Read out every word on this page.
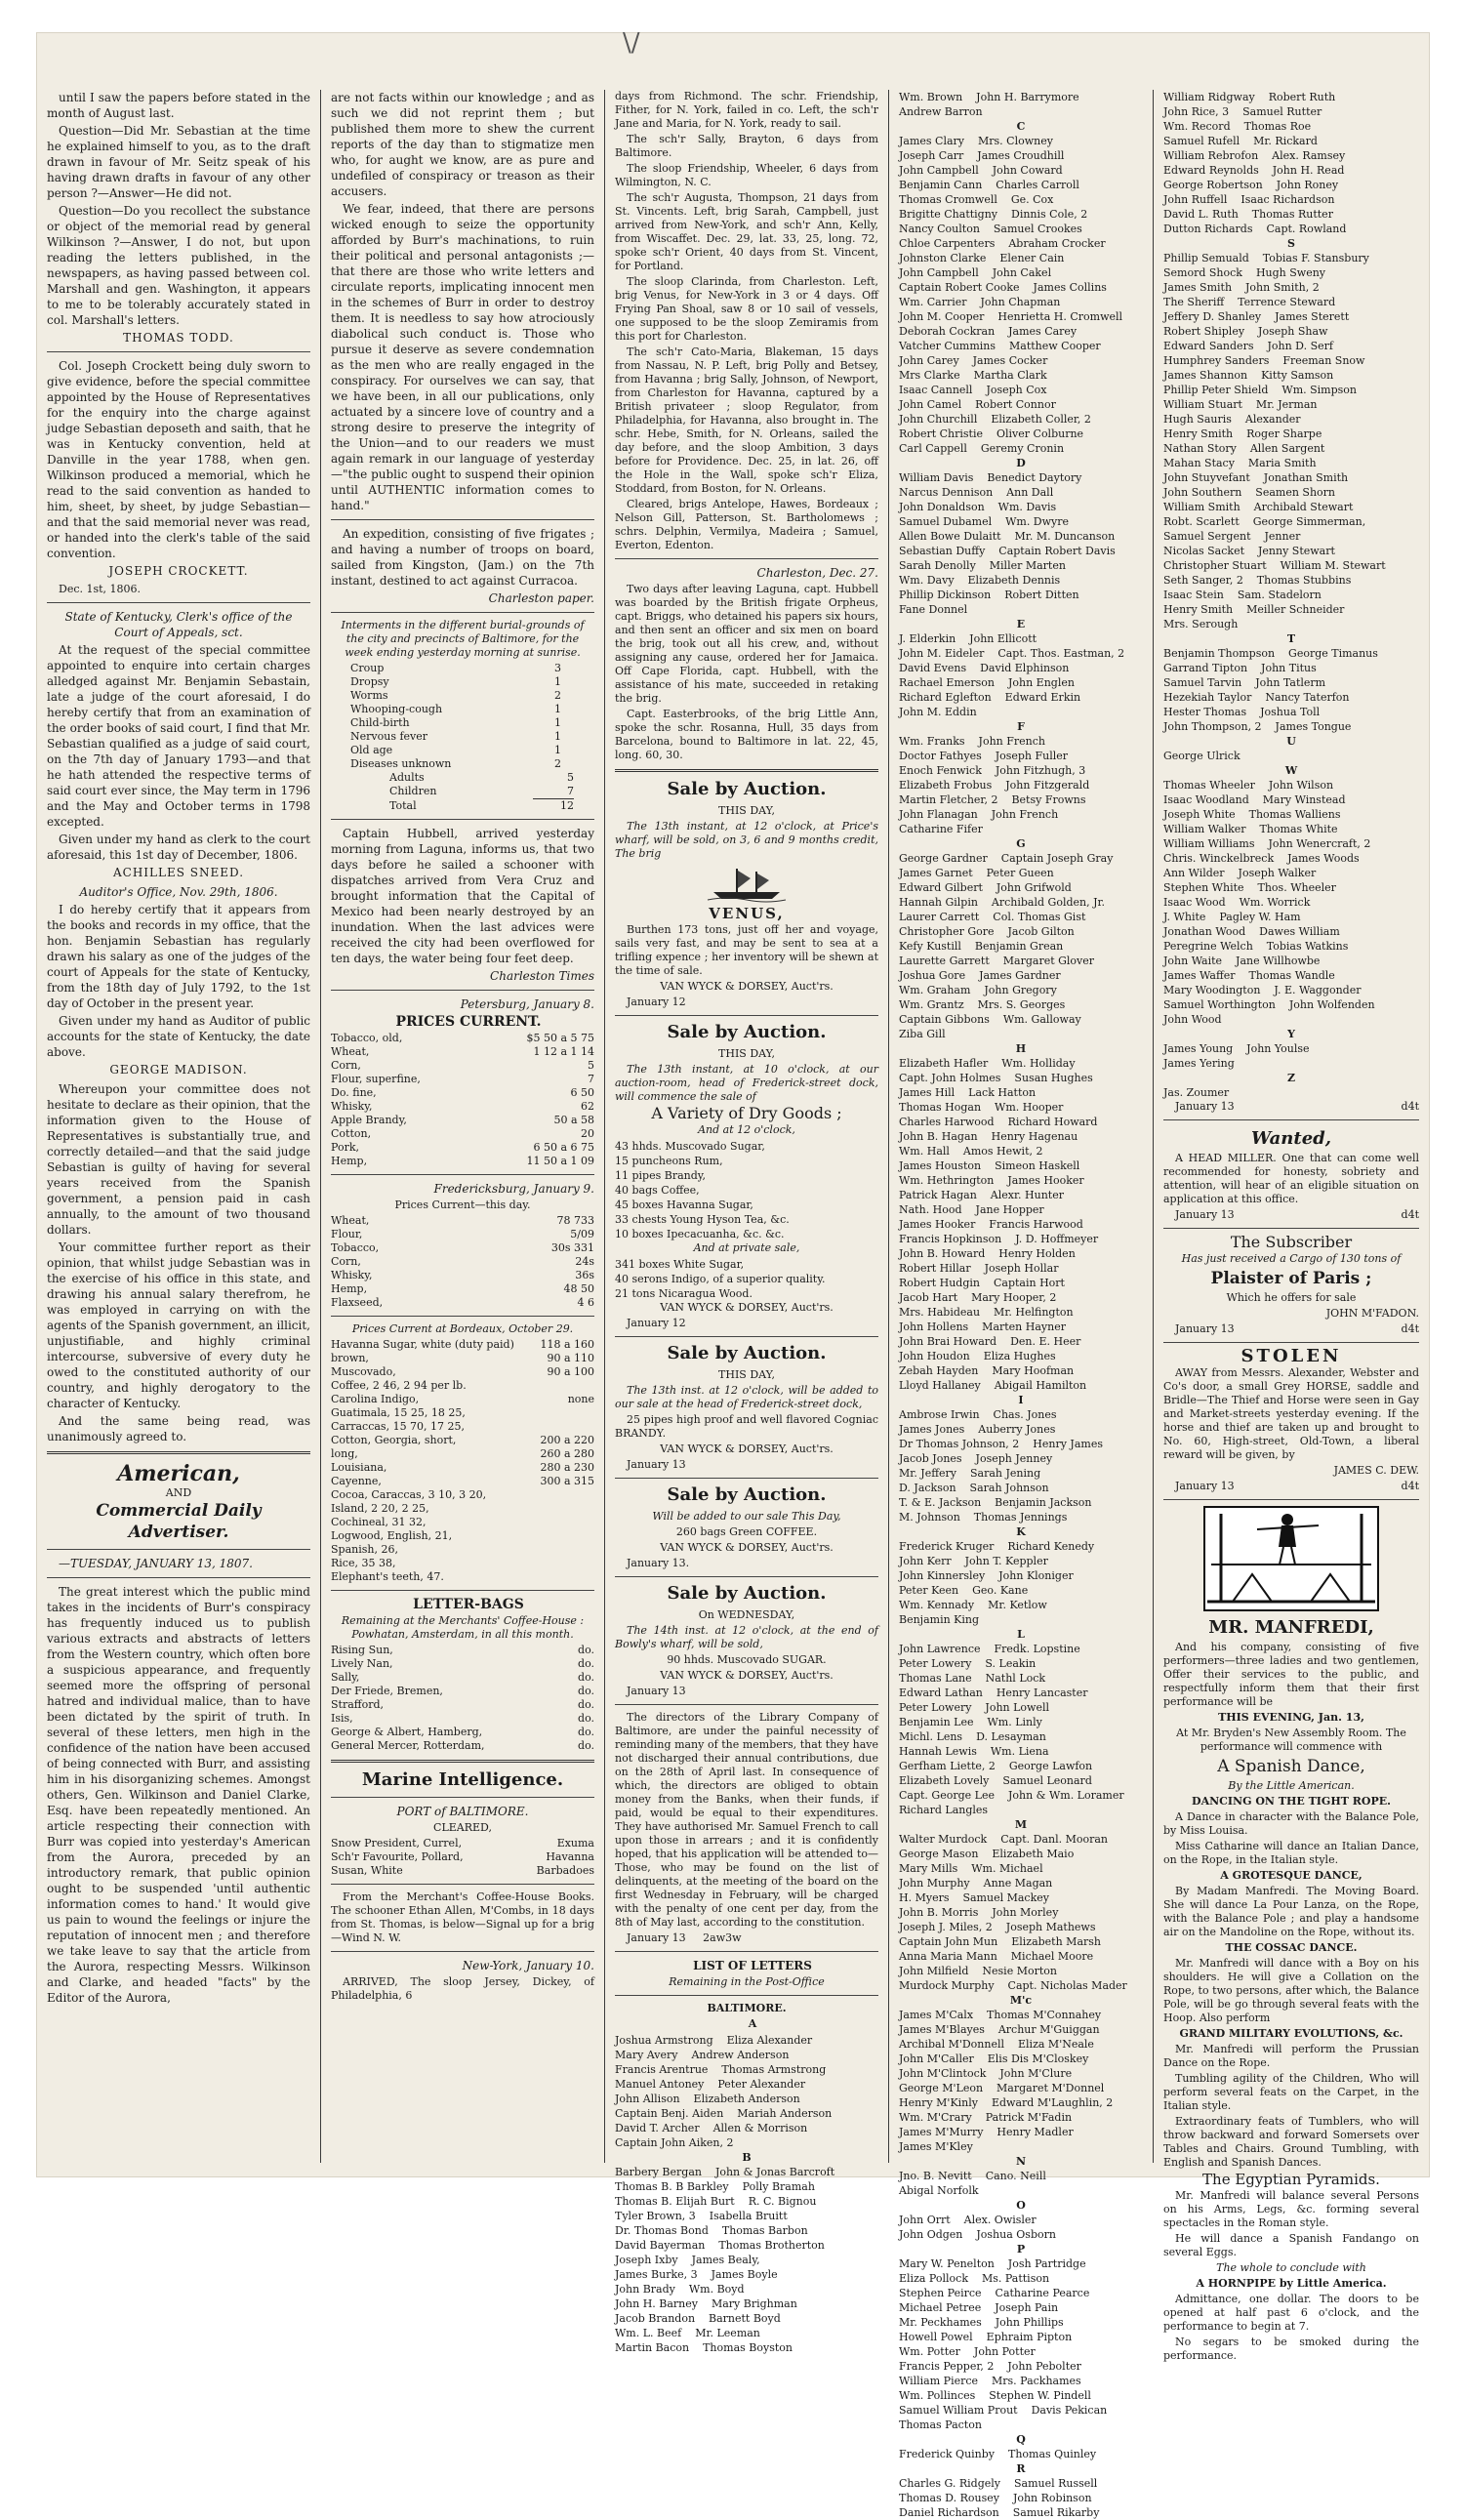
\/

until I saw the papers before stated in the month of August last.

Question—Did Mr. Sebastian at the time he explained himself to you, as to the draft drawn in favour of Mr. Seitz speak of his having drawn drafts in favour of any other person ?—Answer—He did not.

Question—Do you recollect the substance or object of the memorial read by general Wilkinson ?—Answer, I do not, but upon reading the letters published, in the newspapers, as having passed between col. Marshall and gen. Washington, it appears to me to be tolerably accurately stated in col. Marshall's letters.

THOMAS TODD.

Col. Joseph Crockett being duly sworn to give evidence, before the special committee appointed by the House of Representatives for the enquiry into the charge against judge Sebastian deposeth and saith, that he was in Kentucky convention, held at Danville in the year 1788, when gen. Wilkinson produced a memorial, which he read to the said convention as handed to him, sheet, by sheet, by judge Sebastian—and that the said memorial never was read, or handed into the clerk's table of the said convention.

JOSEPH CROCKETT.

Dec. 1st, 1806.

State of Kentucky, Clerk's office of the Court of Appeals, sct.

At the request of the special committee appointed to enquire into certain charges alledged against Mr. Benjamin Sebastain, late a judge of the court aforesaid, I do hereby certify that from an examination of the order books of said court, I find that Mr. Sebastian qualified as a judge of said court, on the 7th day of January 1793—and that he hath attended the respective terms of said court ever since, the May term in 1796 and the May and October terms in 1798 excepted.

Given under my hand as clerk to the court aforesaid, this 1st day of December, 1806.

ACHILLES SNEED.

Auditor's Office, Nov. 29th, 1806.

I do hereby certify that it appears from the books and records in my office, that the hon. Benjamin Sebastian has regularly drawn his salary as one of the judges of the court of Appeals for the state of Kentucky, from the 18th day of July 1792, to the 1st day of October in the present year.

Given under my hand as Auditor of public accounts for the state of Kentucky, the date above.

GEORGE MADISON.

Whereupon your committee does not hesitate to declare as their opinion, that the information given to the House of Representatives is substantially true, and correctly detailed—and that the said judge Sebastian is guilty of having for several years received from the Spanish government, a pension paid in cash annually, to the amount of two thousand dollars.

Your committee further report as their opinion, that whilst judge Sebastian was in the exercise of his office in this state, and drawing his annual salary therefrom, he was employed in carrying on with the agents of the Spanish government, an illicit, unjustifiable, and highly criminal intercourse, subversive of every duty he owed to the constituted authority of our country, and highly derogatory to the character of Kentucky.

And the same being read, was unanimously agreed to.

American,
AND
Commercial Daily Advertiser.

—TUESDAY, JANUARY 13, 1807.

The great interest which the public mind takes in the incidents of Burr's conspiracy has frequently induced us to publish various extracts and abstracts of letters from the Western country, which often bore a suspicious appearance, and frequently seemed more the offspring of personal hatred and individual malice, than to have been dictated by the spirit of truth. In several of these letters, men high in the confidence of the nation have been accused of being connected with Burr, and assisting him in his disorganizing schemes. Amongst others, Gen. Wilkinson and Daniel Clarke, Esq. have been repeatedly mentioned. An article respecting their connection with Burr was copied into yesterday's American from the Aurora, preceded by an introductory remark, that public opinion ought to be suspended 'until authentic information comes to hand.' It would give us pain to wound the feelings or injure the reputation of innocent men ; and therefore we take leave to say that the article from the Aurora, respecting Messrs. Wilkinson and Clarke, and headed "facts" by the Editor of the Aurora,

are not facts within our knowledge ; and as such we did not reprint them ; but published them more to shew the current reports of the day than to stigmatize men who, for aught we know, are as pure and undefiled of conspiracy or treason as their accusers.

We fear, indeed, that there are persons wicked enough to seize the opportunity afforded by Burr's machinations, to ruin their political and personal antagonists ;—that there are those who write letters and circulate reports, implicating innocent men in the schemes of Burr in order to destroy them. It is needless to say how atrociously diabolical such conduct is. Those who pursue it deserve as severe condemnation as the men who are really engaged in the conspiracy. For ourselves we can say, that we have been, in all our publications, only actuated by a sincere love of country and a strong desire to preserve the integrity of the Union—and to our readers we must again remark in our language of yesterday—"the public ought to suspend their opinion until AUTHENTIC information comes to hand."

An expedition, consisting of five frigates ; and having a number of troops on board, sailed from Kingston, (Jam.) on the 7th instant, destined to act against Curracoa.

Charleston paper.

Interments in the different burial-grounds of the city and precincts of Baltimore, for the week ending yesterday morning at sunrise.

Croup	3
Dropsy	1
Worms	2
Whooping-cough	1
Child-birth	1
Nervous fever	1
Old age	1
Diseases unknown	2
Adults	5
Children	7
Total	12

Captain Hubbell, arrived yesterday morning from Laguna, informs us, that two days before he sailed a schooner with dispatches arrived from Vera Cruz and brought information that the Capital of Mexico had been nearly destroyed by an inundation. When the last advices were received the city had been overflowed for ten days, the water being four feet deep.

Charleston Times

Petersburg, January 8.

PRICES CURRENT.

Tobacco, old,	$5 50 a 5 75
Wheat,	1 12 a 1 14
Corn,	5
Flour, superfine,	7
Do. fine,	6 50
Whisky,	62
Apple Brandy,	50 a 58
Cotton,	20
Pork,	6 50 a 6 75
Hemp,	11 50 a 1 09

Fredericksburg, January 9.

Prices Current—this day.

Wheat,	78 733
Flour,	5/09
Tobacco,	30s 331
Corn,	24s
Whisky,	36s
Hemp,	48 50
Flaxseed,	4 6

Prices Current at Bordeaux, October 29.

Havanna Sugar, white (duty paid)	118 a 160
brown,	90 a 110
Muscovado,	90 a 100
Coffee, 2 46, 2 94 per lb.	
Carolina Indigo,	none
Guatimala, 15 25, 18 25,	
Carraccas, 15 70, 17 25,	
Cotton, Georgia, short,	200 a 220
long,	260 a 280
Louisiana,	280 a 230
Cayenne,	300 a 315
Cocoa, Caraccas, 3 10, 3 20,	
Island, 2 20, 2 25,	
Cochineal, 31 32,	
Logwood, English, 21,	
Spanish, 26,	
Rice, 35 38,	
Elephant's teeth, 47.	

LETTER-BAGS

Remaining at the Merchants' Coffee-House : Powhatan, Amsterdam, in all this month.

Rising Sun,	do.
Lively Nan,	do.
Sally,	do.
Der Friede, Bremen,	do.
Strafford,	do.
Isis,	do.
George & Albert, Hamberg,	do.
General Mercer, Rotterdam,	do.
Marine Intelligence.

PORT of BALTIMORE.

CLEARED,

Snow President, Currel,	Exuma
Sch'r Favourite, Pollard,	Havanna
Susan, White	Barbadoes

From the Merchant's Coffee-House Books. The schooner Ethan Allen, M'Combs, in 18 days from St. Thomas, is below—Signal up for a brig—Wind N. W.

New-York, January 10.

ARRIVED, The sloop Jersey, Dickey, of Philadelphia, 6

days from Richmond. The schr. Friendship, Fither, for N. York, failed in co. Left, the sch'r Jane and Maria, for N. York, ready to sail.

The sch'r Sally, Brayton, 6 days from Baltimore.

The sloop Friendship, Wheeler, 6 days from Wilmington, N. C.

The sch'r Augusta, Thompson, 21 days from St. Vincents. Left, brig Sarah, Campbell, just arrived from New-York, and sch'r Ann, Kelly, from Wiscaffet. Dec. 29, lat. 33, 25, long. 72, spoke sch'r Orient, 40 days from St. Vincent, for Portland.

The sloop Clarinda, from Charleston. Left, brig Venus, for New-York in 3 or 4 days. Off Frying Pan Shoal, saw 8 or 10 sail of vessels, one supposed to be the sloop Zemiramis from this port for Charleston.

The sch'r Cato-Maria, Blakeman, 15 days from Nassau, N. P. Left, brig Polly and Betsey, from Havanna ; brig Sally, Johnson, of Newport, from Charleston for Havanna, captured by a British privateer ; sloop Regulator, from Philadelphia, for Havanna, also brought in. The schr. Hebe, Smith, for N. Orleans, sailed the day before, and the sloop Ambition, 3 days before for Providence. Dec. 25, in lat. 26, off the Hole in the Wall, spoke sch'r Eliza, Stoddard, from Boston, for N. Orleans.

Cleared, brigs Antelope, Hawes, Bordeaux ; Nelson Gill, Patterson, St. Bartholomews ; schrs. Delphin, Vermilya, Madeira ; Samuel, Everton, Edenton.

Charleston, Dec. 27.

Two days after leaving Laguna, capt. Hubbell was boarded by the British frigate Orpheus, capt. Briggs, who detained his papers six hours, and then sent an officer and six men on board the brig, took out all his crew, and, without assigning any cause, ordered her for Jamaica. Off Cape Florida, capt. Hubbell, with the assistance of his mate, succeeded in retaking the brig.

Capt. Easterbrooks, of the brig Little Ann, spoke the schr. Rosanna, Hull, 35 days from Barcelona, bound to Baltimore in lat. 22, 45, long. 60, 30.

Sale by Auction.

THIS DAY,

The 13th instant, at 12 o'clock, at Price's wharf, will be sold, on 3, 6 and 9 months credit, The brig

VENUS,

Burthen 173 tons, just off her and voyage, sails very fast, and may be sent to sea at a trifling expence ; her inventory will be shewn at the time of sale.

VAN WYCK & DORSEY, Auct'rs.

January 12

Sale by Auction.

THIS DAY,

The 13th instant, at 10 o'clock, at our auction-room, head of Frederick-street dock, will commence the sale of

A Variety of Dry Goods ;

And at 12 o'clock,

43 hhds. Muscovado Sugar,
15 puncheons Rum,
11 pipes Brandy,
40 bags Coffee,
45 boxes Havanna Sugar,
33 chests Young Hyson Tea, &c.
10 boxes Ipecacuanha, &c. &c.

And at private sale,

341 boxes White Sugar,
40 serons Indigo, of a superior quality.
21 tons Nicaragua Wood.

VAN WYCK & DORSEY, Auct'rs.

January 12

Sale by Auction.

THIS DAY,

The 13th inst. at 12 o'clock, will be added to our sale at the head of Frederick-street dock,

25 pipes high proof and well flavored Cogniac BRANDY.

VAN WYCK & DORSEY, Auct'rs.

January 13

Sale by Auction.

Will be added to our sale This Day,

260 bags Green COFFEE.

VAN WYCK & DORSEY, Auct'rs.

January 13.

Sale by Auction.

On WEDNESDAY,

The 14th inst. at 12 o'clock, at the end of Bowly's wharf, will be sold,

90 hhds. Muscovado SUGAR.

VAN WYCK & DORSEY, Auct'rs.

January 13

The directors of the Library Company of Baltimore, are under the painful necessity of reminding many of the members, that they have not discharged their annual contributions, due on the 28th of April last. In consequence of which, the directors are obliged to obtain money from the Banks, when their funds, if paid, would be equal to their expenditures. They have authorised Mr. Samuel French to call upon those in arrears ; and it is confidently hoped, that his application will be attended to—Those, who may be found on the list of delinquents, at the meeting of the board on the first Wednesday in February, will be charged with the penalty of one cent per day, from the 8th of May last, according to the constitution.

January 13 2aw3w

LIST OF LETTERS

Remaining in the Post-Office

BALTIMORE.

A

Joshua Armstrong    Eliza Alexander
Mary Avery    Andrew Anderson
Francis Arentrue    Thomas Armstrong
Manuel Antoney    Peter Alexander
John Allison    Elizabeth Anderson
Captain Benj. Aiden    Mariah Anderson
David T. Archer    Allen & Morrison
Captain John Aiken, 2
B
Barbery Bergan    John & Jonas Barcroft
Thomas B. B Barkley    Polly Bramah
Thomas B. Elijah Burt    R. C. Bignou
Tyler Brown, 3    Isabella Bruitt
Dr. Thomas Bond    Thomas Barbon
David Bayerman    Thomas Brotherton
Joseph Ixby    James Bealy,
James Burke, 3    James Boyle
John Brady    Wm. Boyd
John H. Barney    Mary Brighman
Jacob Brandon    Barnett Boyd
Wm. L. Beef    Mr. Leeman
Martin Bacon    Thomas Boyston
Wm. Brown    John H. Barrymore
Andrew Barron
C
James Clary    Mrs. Clowney
Joseph Carr    James Croudhill
John Campbell    John Coward
Benjamin Cann    Charles Carroll
Thomas Cromwell    Ge. Cox
Brigitte Chattigny    Dinnis Cole, 2
Nancy Coulton    Samuel Crookes
Chloe Carpenters    Abraham Crocker
Johnston Clarke    Elener Cain
John Campbell    John Cakel
Captain Robert Cooke    James Collins
Wm. Carrier    John Chapman
John M. Cooper    Henrietta H. Cromwell
Deborah Cockran    James Carey
Vatcher Cummins    Matthew Cooper
John Carey    James Cocker
Mrs Clarke    Martha Clark
Isaac Cannell    Joseph Cox
John Camel    Robert Connor
John Churchill    Elizabeth Coller, 2
Robert Christie    Oliver Colburne
Carl Cappell    Geremy Cronin
D
William Davis    Benedict Daytory
Narcus Dennison    Ann Dall
John Donaldson    Wm. Davis
Samuel Dubamel    Wm. Dwyre
Allen Bowe Dulaitt    Mr. M. Duncanson
Sebastian Duffy    Captain Robert Davis
Sarah Denolly    Miller Marten
Wm. Davy    Elizabeth Dennis
Phillip Dickinson    Robert Ditten
Fane Donnel
E
J. Elderkin    John Ellicott
John M. Eideler    Capt. Thos. Eastman, 2
David Evens    David Elphinson
Rachael Emerson    John Englen
Richard Eglefton    Edward Erkin
John M. Eddin
F
Wm. Franks    John French
Doctor Fathyes    Joseph Fuller
Enoch Fenwick    John Fitzhugh, 3
Elizabeth Frobus    John Fitzgerald
Martin Fletcher, 2    Betsy Frowns
John Flanagan    John French
Catharine Fifer
G
George Gardner    Captain Joseph Gray
James Garnet    Peter Gueen
Edward Gilbert    John Grifwold
Hannah Gilpin    Archibald Golden, Jr.
Laurer Carrett    Col. Thomas Gist
Christopher Gore    Jacob Gilton
Kefy Kustill    Benjamin Grean
Laurette Garrett    Margaret Glover
Joshua Gore    James Gardner
Wm. Graham    John Gregory
Wm. Grantz    Mrs. S. Georges
Captain Gibbons    Wm. Galloway
Ziba Gill
H
Elizabeth Hafler    Wm. Holliday
Capt. John Holmes    Susan Hughes
James Hill    Lack Hatton
Thomas Hogan    Wm. Hooper
Charles Harwood    Richard Howard
John B. Hagan    Henry Hagenau
Wm. Hall    Amos Hewit, 2
James Houston    Simeon Haskell
Wm. Hethrington    James Hooker
Patrick Hagan    Alexr. Hunter
Nath. Hood    Jane Hopper
James Hooker    Francis Harwood
Francis Hopkinson    J. D. Hoffmeyer
John B. Howard    Henry Holden
Robert Hillar    Joseph Hollar
Robert Hudgin    Captain Hort
Jacob Hart    Mary Hooper, 2
Mrs. Habideau    Mr. Helfington
John Hollens    Marten Hayner
John Brai Howard    Den. E. Heer
John Houdon    Eliza Hughes
Zebah Hayden    Mary Hoofman
Lloyd Hallaney    Abigail Hamilton
I
Ambrose Irwin    Chas. Jones
James Jones    Auberry Jones
Dr Thomas Johnson, 2    Henry James
Jacob Jones    Joseph Jenney
Mr. Jeffery    Sarah Jening
D. Jackson    Sarah Johnson
T. & E. Jackson    Benjamin Jackson
M. Johnson    Thomas Jennings
K
Frederick Kruger    Richard Kenedy
John Kerr    John T. Keppler
John Kinnersley    John Kloniger
Peter Keen    Geo. Kane
Wm. Kennady    Mr. Ketlow
Benjamin King
L
John Lawrence    Fredk. Lopstine
Peter Lowery    S. Leakin
Thomas Lane    Nathl Lock
Edward Lathan    Henry Lancaster
Peter Lowery    John Lowell
Benjamin Lee    Wm. Linly
Michl. Lens    D. Lesayman
Hannah Lewis    Wm. Liena
Gerfham Liette, 2    George Lawfon
Elizabeth Lovely    Samuel Leonard
Capt. George Lee    John & Wm. Loramer
Richard Langles
M
Walter Murdock    Capt. Danl. Mooran
George Mason    Elizabeth Maio
Mary Mills    Wm. Michael
John Murphy    Anne Magan
H. Myers    Samuel Mackey
John B. Morris    John Morley
Joseph J. Miles, 2    Joseph Mathews
Captain John Mun    Elizabeth Marsh
Anna Maria Mann    Michael Moore
John Milfield    Nesie Morton
Murdock Murphy    Capt. Nicholas Mader
M'c
James M'Calx    Thomas M'Connahey
James M'Blayes    Archur M'Guiggan
Archibal M'Donnell    Eliza M'Neale
John M'Caller    Elis Dis M'Closkey
John M'Clintock    John M'Clure
George M'Leon    Margaret M'Donnel
Henry M'Kinly    Edward M'Laughlin, 2
Wm. M'Crary    Patrick M'Fadin
James M'Murry    Henry Madler
James M'Kley
N
Jno. B. Nevitt    Cano. Neill
Abigal Norfolk
O
John Orrt    Alex. Owisler
John Odgen    Joshua Osborn
P
Mary W. Penelton    Josh Partridge
Eliza Pollock    Ms. Pattison
Stephen Peirce    Catharine Pearce
Michael Petree    Joseph Pain
Mr. Peckhames    John Phillips
Howell Powel    Ephraim Pipton
Wm. Potter    John Potter
Francis Pepper, 2    John Pebolter
William Pierce    Mrs. Packhames
Wm. Pollinces    Stephen W. Pindell
Samuel William Prout    Davis Pekican
Thomas Pacton
Q
Frederick Quinby    Thomas Quinley
R
Charles G. Ridgely    Samuel Russell
Thomas D. Rousey    John Robinson
Daniel Richardson    Samuel Rikarby
William Ridgway    Robert Ruth
John Rice, 3    Samuel Rutter
Wm. Record    Thomas Roe
Samuel Rufell    Mr. Rickard
William Rebrofon    Alex. Ramsey
Edward Reynolds    John H. Read
George Robertson    John Roney
John Ruffell    Isaac Richardson
David L. Ruth    Thomas Rutter
Dutton Richards    Capt. Rowland
S
Phillip Semuald    Tobias F. Stansbury
Semord Shock    Hugh Sweny
James Smith    John Smith, 2
The Sheriff    Terrence Steward
Jeffery D. Shanley    James Sterett
Robert Shipley    Joseph Shaw
Edward Sanders    John D. Serf
Humphrey Sanders    Freeman Snow
James Shannon    Kitty Samson
Phillip Peter Shield    Wm. Simpson
William Stuart    Mr. Jerman
Hugh Sauris    Alexander
Henry Smith    Roger Sharpe
Nathan Story    Allen Sargent
Mahan Stacy    Maria Smith
John Stuyvefant    Jonathan Smith
John Southern    Seamen Shorn
William Smith    Archibald Stewart
Robt. Scarlett    George Simmerman,
Samuel Sergent    Jenner
Nicolas Sacket    Jenny Stewart
Christopher Stuart    William M. Stewart
Seth Sanger, 2    Thomas Stubbins
Isaac Stein    Sam. Stadelorn
Henry Smith    Meiller Schneider
Mrs. Serough
T
Benjamin Thompson    George Timanus
Garrand Tipton    John Titus
Samuel Tarvin    John Tatlerm
Hezekiah Taylor    Nancy Taterfon
Hester Thomas    Joshua Toll
John Thompson, 2    James Tongue
U
George Ulrick
W
Thomas Wheeler    John Wilson
Isaac Woodland    Mary Winstead
Joseph White    Thomas Walliens
William Walker    Thomas White
William Williams    John Wenercraft, 2
Chris. Winckelbreck    James Woods
Ann Wilder    Joseph Walker
Stephen White    Thos. Wheeler
Isaac Wood    Wm. Worrick
J. White    Pagley W. Ham
Jonathan Wood    Dawes William
Peregrine Welch    Tobias Watkins
John Waite    Jane Willhowbe
James Waffer    Thomas Wandle
Mary Woodington    J. E. Waggonder
Samuel Worthington    John Wolfenden
John Wood
Y
James Young    John Youlse
James Yering
Z
Jas. Zoumer

January 13	d4t

Wanted,

A HEAD MILLER. One that can come well recommended for honesty, sobriety and attention, will hear of an eligible situation on application at this office.

January 13	d4t

The Subscriber

Has just received a Cargo of 130 tons of

Plaister of Paris ;

Which he offers for sale

JOHN M'FADON.

January 13	d4t

STOLEN

AWAY from Messrs. Alexander, Webster and Co's door, a small Grey HORSE, saddle and Bridle—The Thief and Horse were seen in Gay and Market-streets yesterday evening. If the horse and thief are taken up and brought to No. 60, High-street, Old-Town, a liberal reward will be given, by

JAMES C. DEW.

January 13	d4t

MR. MANFREDI,

And his company, consisting of five performers—three ladies and two gentlemen, Offer their services to the public, and respectfully inform them that their first performance will be

THIS EVENING, Jan. 13,

At Mr. Bryden's New Assembly Room. The performance will commence with

A Spanish Dance,

By the Little American.

DANCING ON THE TIGHT ROPE.

A Dance in character with the Balance Pole, by Miss Louisa.

Miss Catharine will dance an Italian Dance, on the Rope, in the Italian style.

A GROTESQUE DANCE,

By Madam Manfredi. The Moving Board. She will dance La Pour Lanza, on the Rope, with the Balance Pole ; and play a handsome air on the Mandoline on the Rope, without its.

THE COSSAC DANCE.

Mr. Manfredi will dance with a Boy on his shoulders. He will give a Collation on the Rope, to two persons, after which, the Balance Pole, will be go through several feats with the Hoop. Also perform

GRAND MILITARY EVOLUTIONS, &c.

Mr. Manfredi will perform the Prussian Dance on the Rope.

Tumbling agility of the Children, Who will perform several feats on the Carpet, in the Italian style.

Extraordinary feats of Tumblers, who will throw backward and forward Somersets over Tables and Chairs. Ground Tumbling, with English and Spanish Dances.

The Egyptian Pyramids.

Mr. Manfredi will balance several Persons on his Arms, Legs, &c. forming several spectacles in the Roman style.

He will dance a Spanish Fandango on several Eggs.

The whole to conclude with

A HORNPIPE by Little America.

Admittance, one dollar. The doors to be opened at half past 6 o'clock, and the performance to begin at 7.

No segars to be smoked during the performance.
